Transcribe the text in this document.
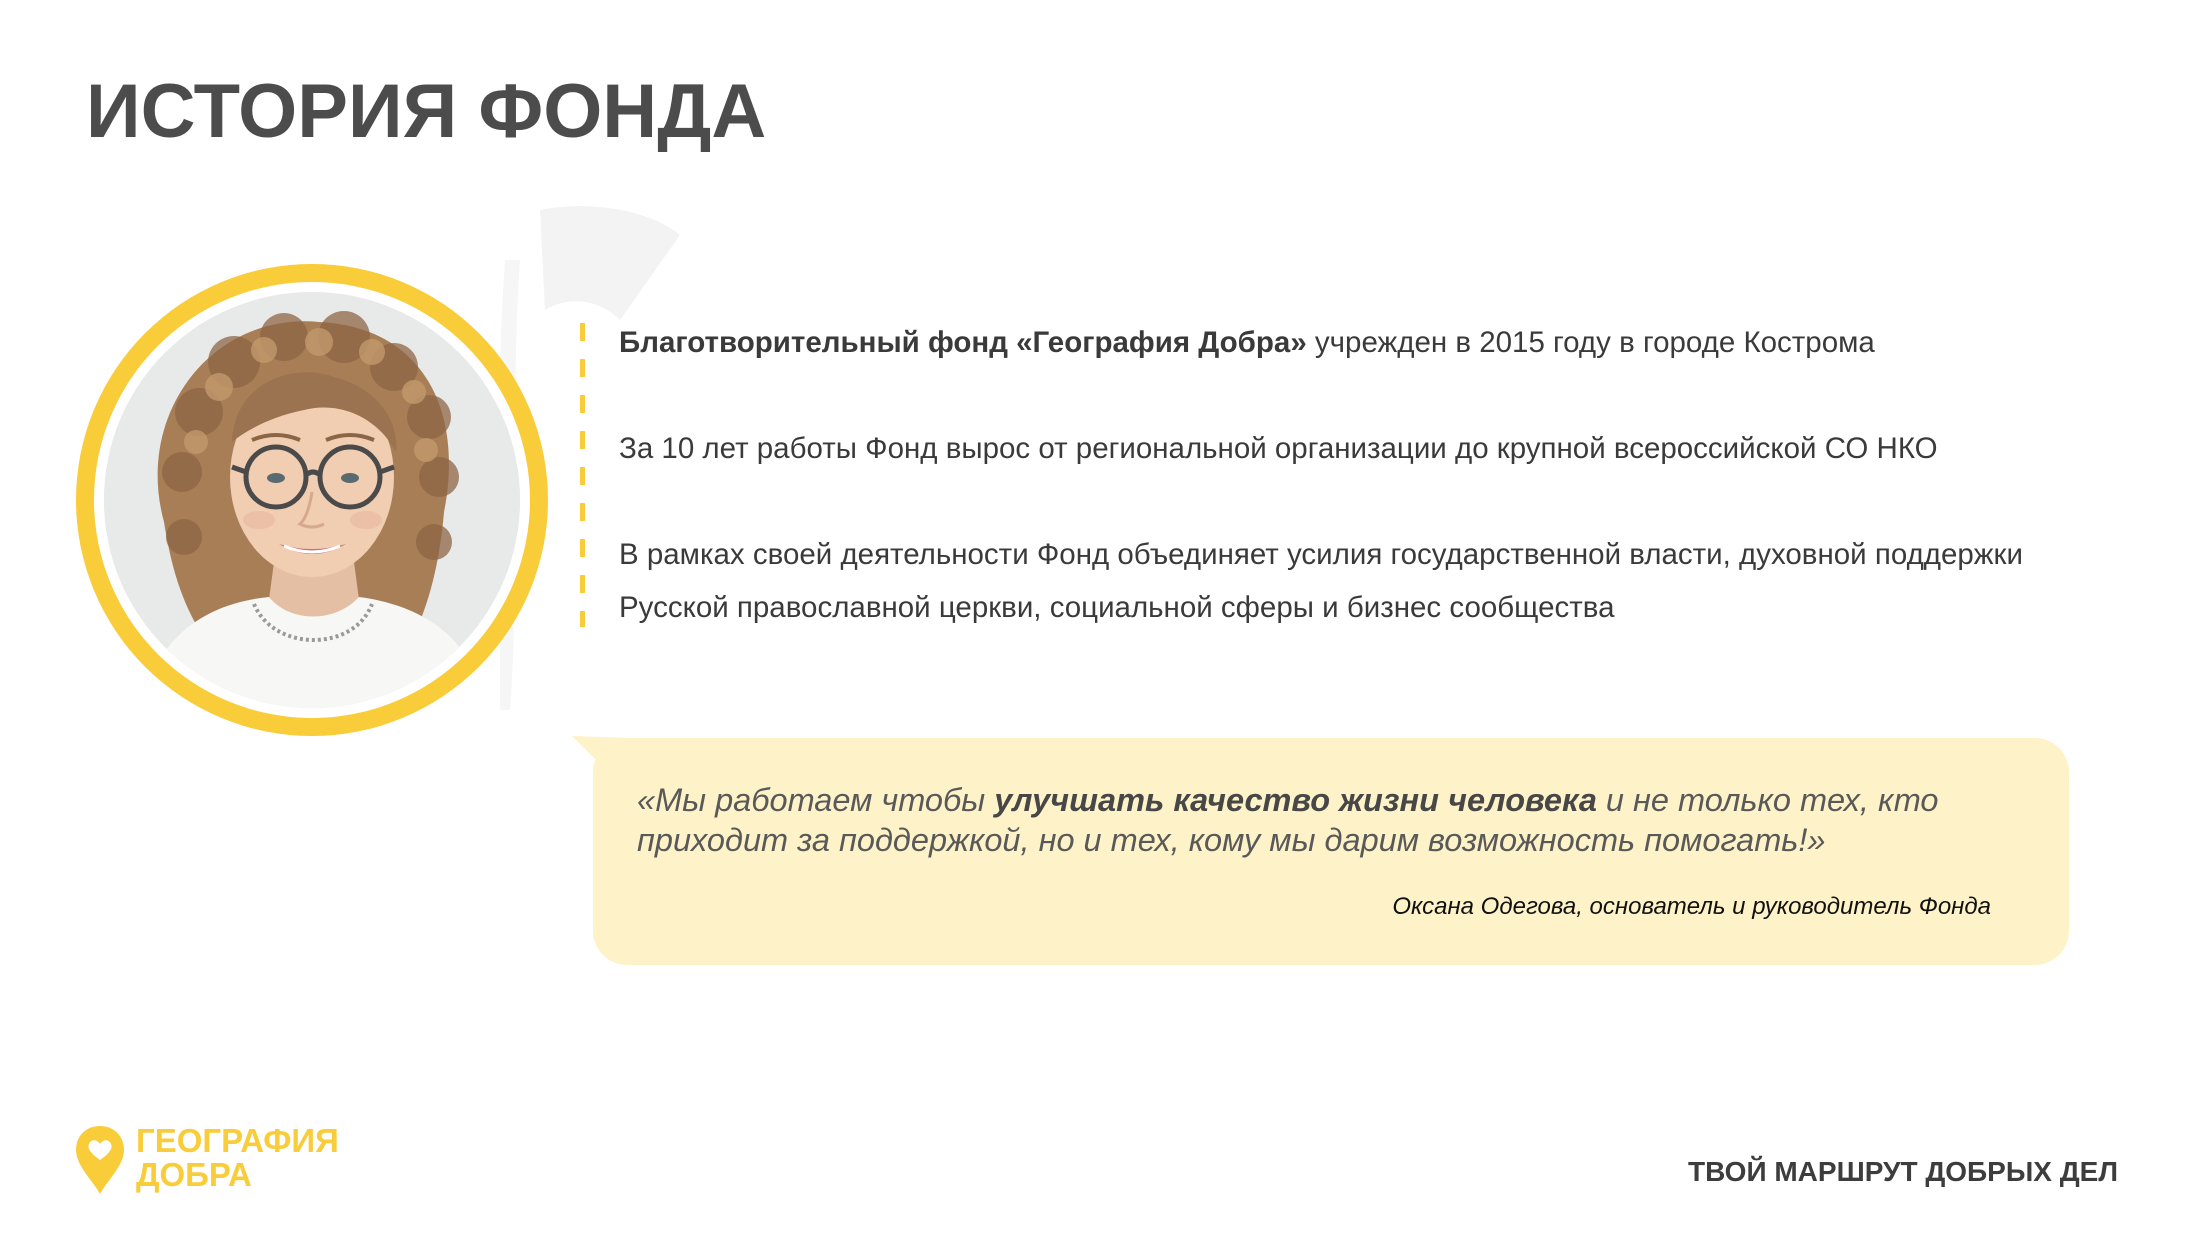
ИСТОРИЯ ФОНДА

Благотворительный фонд «География Добра» учрежден в 2015 году в городе Кострома

За 10 лет работы Фонд вырос от региональной организации до крупной всероссийской СО НКО

В рамках своей деятельности Фонд объединяет усилия государственной власти, духовной поддержки Русской православной церкви, социальной сферы и бизнес сообщества

«Мы работаем чтобы улучшать качество жизни человека и не только тех, кто приходит за поддержкой, но и тех, кому мы дарим возможность помогать!»

Оксана Одегова, основатель и руководитель Фонда

ГЕОГРАФИЯ
ДОБРА	ТВОЙ МАРШРУТ ДОБРЫХ ДЕЛ
